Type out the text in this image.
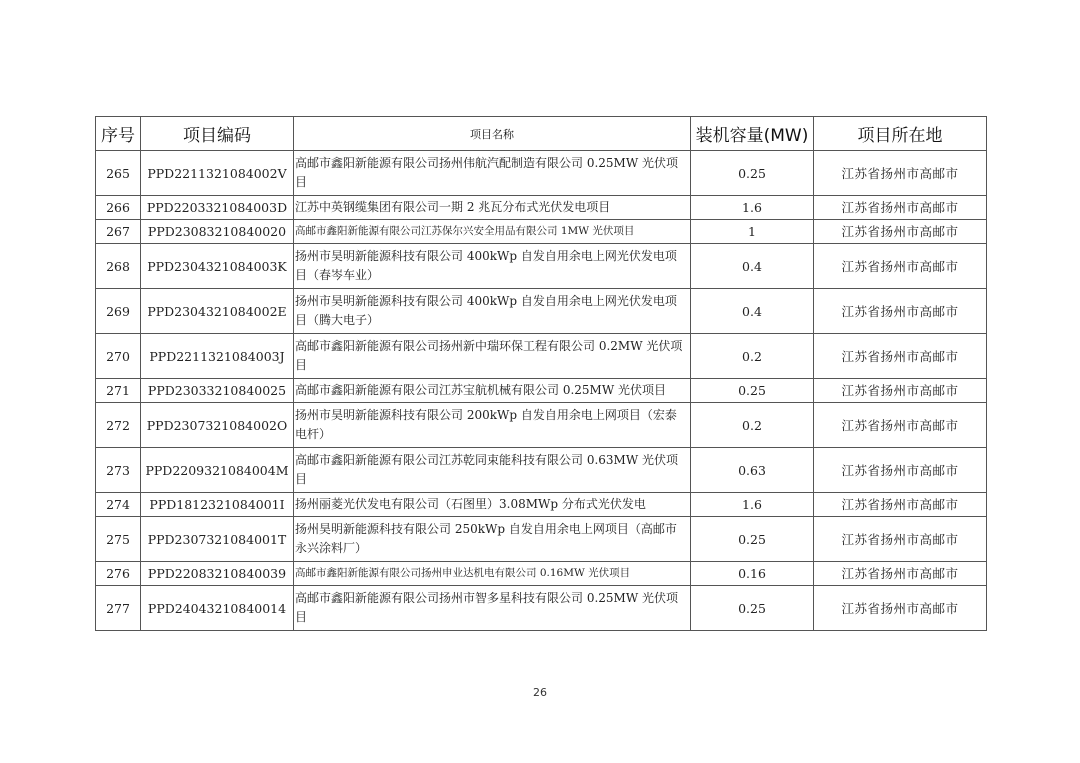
序号	项目编码	项目名称	装机容量(MW)	项目所在地
265	PPD2211321084002V	高邮市鑫阳新能源有限公司扬州伟航汽配制造有限公司 0.25MW 光伏项目	0.25	江苏省扬州市高邮市
266	PPD2203321084003D	江苏中英钢缆集团有限公司一期 2 兆瓦分布式光伏发电项目	1.6	江苏省扬州市高邮市
267	PPD23083210840020	高邮市鑫阳新能源有限公司江苏保尔兴安全用品有限公司 1MW 光伏项目	1	江苏省扬州市高邮市
268	PPD2304321084003K	扬州市昊明新能源科技有限公司 400kWp 自发自用余电上网光伏发电项目（春岑车业）	0.4	江苏省扬州市高邮市
269	PPD2304321084002E	扬州市昊明新能源科技有限公司 400kWp 自发自用余电上网光伏发电项目（腾大电子）	0.4	江苏省扬州市高邮市
270	PPD2211321084003J	高邮市鑫阳新能源有限公司扬州新中瑞环保工程有限公司 0.2MW 光伏项目	0.2	江苏省扬州市高邮市
271	PPD23033210840025	高邮市鑫阳新能源有限公司江苏宝航机械有限公司 0.25MW 光伏项目	0.25	江苏省扬州市高邮市
272	PPD2307321084002O	扬州市昊明新能源科技有限公司 200kWp 自发自用余电上网项目（宏泰电杆）	0.2	江苏省扬州市高邮市
273	PPD2209321084004M	高邮市鑫阳新能源有限公司江苏乾同束能科技有限公司 0.63MW 光伏项目	0.63	江苏省扬州市高邮市
274	PPD1812321084001I	扬州丽菱光伏发电有限公司（石图里）3.08MWp 分布式光伏发电	1.6	江苏省扬州市高邮市
275	PPD2307321084001T	扬州昊明新能源科技有限公司 250kWp 自发自用余电上网项目（高邮市永兴涂料厂）	0.25	江苏省扬州市高邮市
276	PPD22083210840039	高邮市鑫阳新能源有限公司扬州申业达机电有限公司 0.16MW 光伏项目	0.16	江苏省扬州市高邮市
277	PPD24043210840014	高邮市鑫阳新能源有限公司扬州市智多星科技有限公司 0.25MW 光伏项目	0.25	江苏省扬州市高邮市
26
